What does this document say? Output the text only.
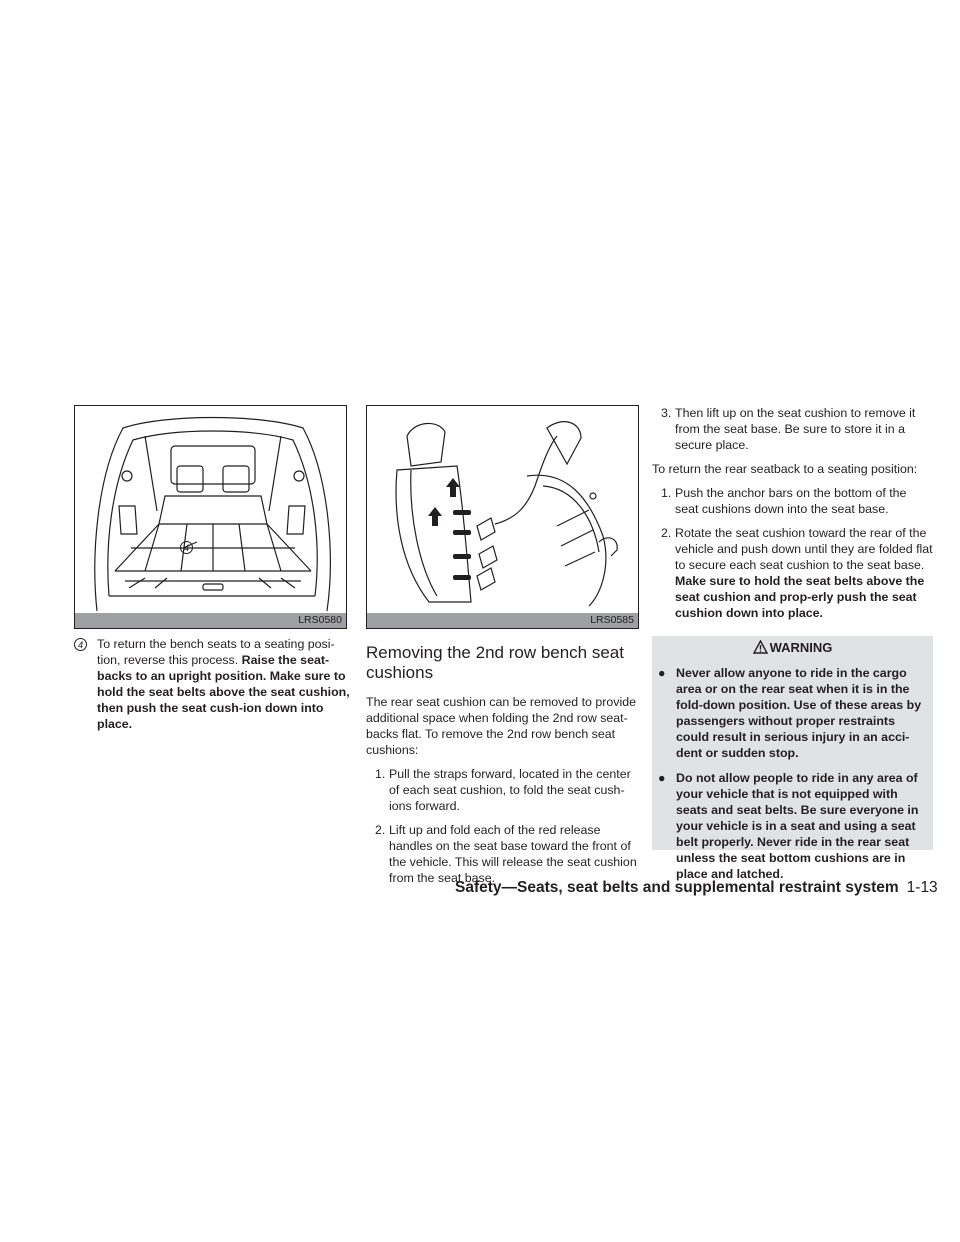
4
LRS0580	LRS0585
4	To return the bench seats to a seating posi-tion, reverse this process. Raise the seat-backs to an upright position. Make sure to hold the seat belts above the seat cushion, then push the seat cush-ion down into place.
Removing the 2nd row bench seat cushions

The rear seat cushion can be removed to provide additional space when folding the 2nd row seat-backs flat. To remove the 2nd row bench seat cushions:

1. Pull the straps forward, located in the center of each seat cushion, to fold the seat cush-ions forward.
2. Lift up and fold each of the red release handles on the seat base toward the front of the vehicle. This will release the seat cushion from the seat base.
3. Then lift up on the seat cushion to remove it from the seat base. Be sure to store it in a secure place.

To return the rear seatback to a seating position:

1. Push the anchor bars on the bottom of the seat cushions down into the seat base.
2. Rotate the seat cushion toward the rear of the vehicle and push down until they are folded flat to secure each seat cushion to the seat base. Make sure to hold the seat belts above the seat cushion and prop-erly push the seat cushion down into place.
WARNING
● Never allow anyone to ride in the cargo area or on the rear seat when it is in the fold-down position. Use of these areas by passengers without proper restraints could result in serious injury in an acci-dent or sudden stop.
● Do not allow people to ride in any area of your vehicle that is not equipped with seats and seat belts. Be sure everyone in your vehicle is in a seat and using a seat belt properly. Never ride in the rear seat unless the seat bottom cushions are in place and latched.
Safety—Seats, seat belts and supplemental restraint system 1-13
